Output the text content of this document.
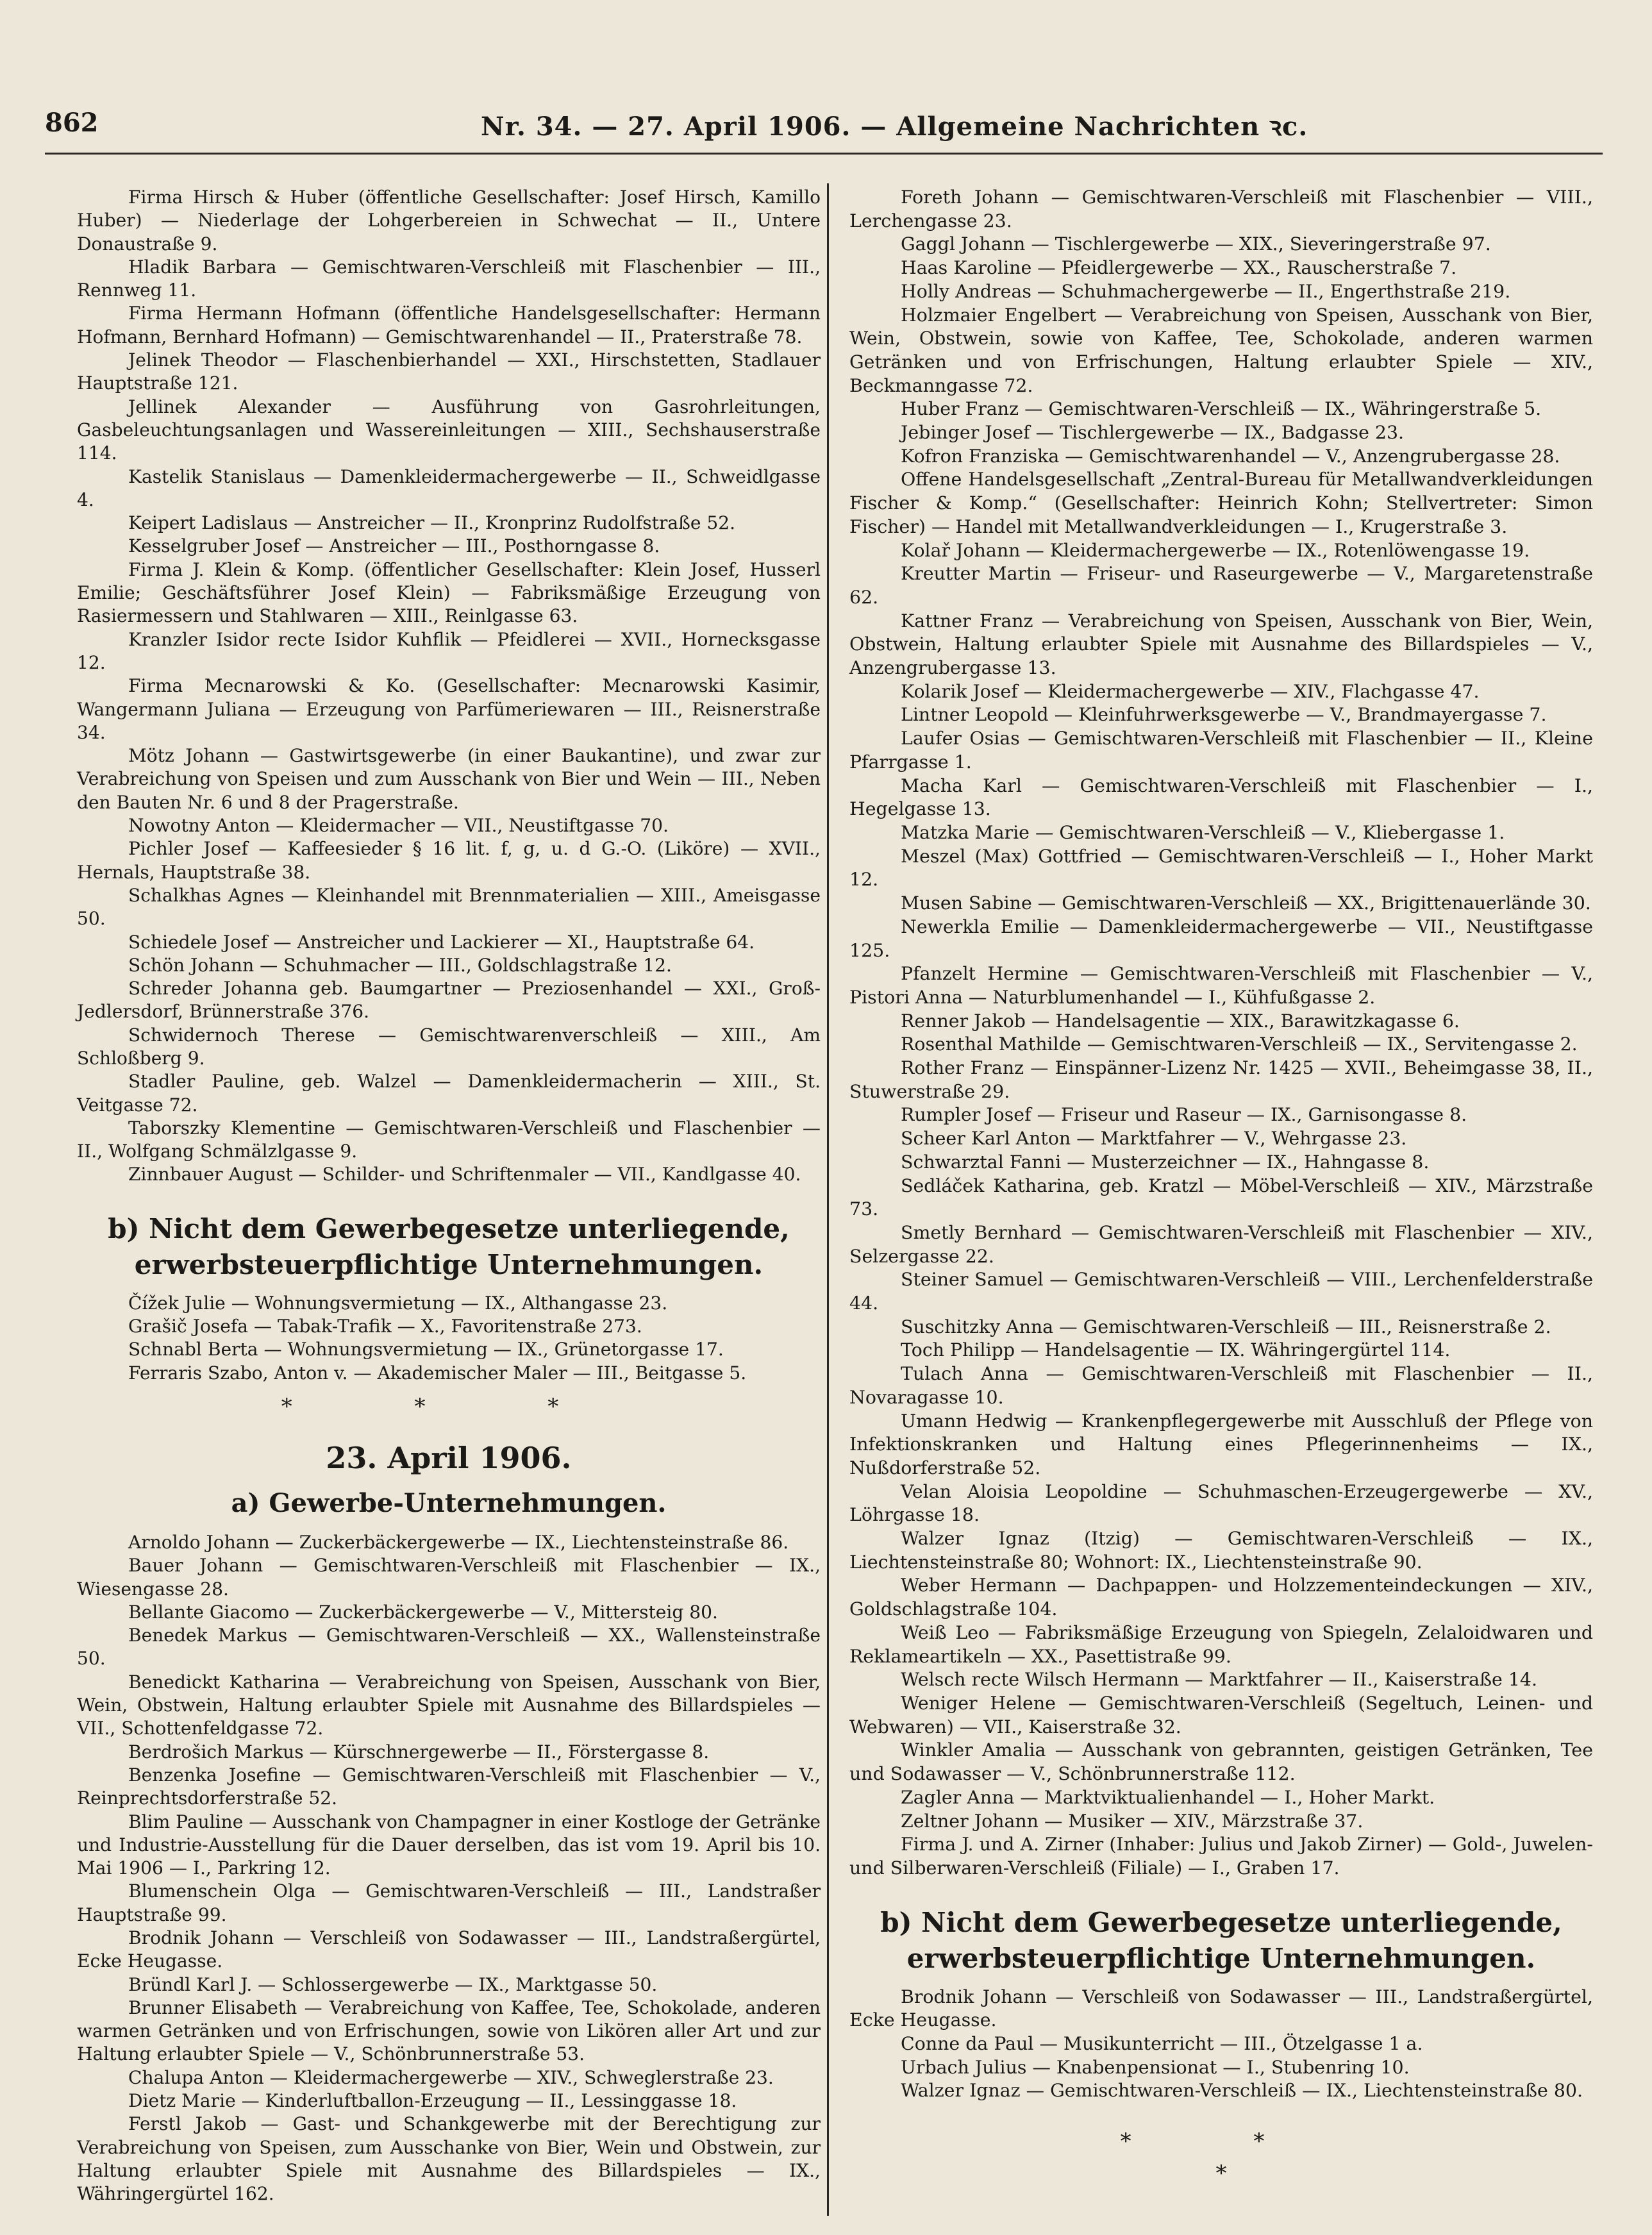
862	Nr. 34. — 27. April 1906. — Allgemeine Nachrichten ꝛc.

Firma Hirsch & Huber (öffentliche Gesellschafter: Josef Hirsch, Kamillo Huber) — Niederlage der Lohgerbereien in Schwechat — II., Untere Donaustraße 9.

Hladik Barbara — Gemischtwaren-Verschleiß mit Flaschenbier — III., Rennweg 11.

Firma Hermann Hofmann (öffentliche Handelsgesellschafter: Hermann Hofmann, Bernhard Hofmann) — Gemischtwarenhandel — II., Praterstraße 78.

Jelinek Theodor — Flaschenbierhandel — XXI., Hirschstetten, Stadlauer Hauptstraße 121.

Jellinek Alexander — Ausführung von Gasrohrleitungen, Gasbeleuchtungsanlagen und Wassereinleitungen — XIII., Sechshauserstraße 114.

Kastelik Stanislaus — Damenkleidermachergewerbe — II., Schweidlgasse 4.

Keipert Ladislaus — Anstreicher — II., Kronprinz Rudolfstraße 52.

Kesselgruber Josef — Anstreicher — III., Posthorngasse 8.

Firma J. Klein & Komp. (öffentlicher Gesellschafter: Klein Josef, Husserl Emilie; Geschäftsführer Josef Klein) — Fabriksmäßige Erzeugung von Rasiermessern und Stahlwaren — XIII., Reinlgasse 63.

Kranzler Isidor recte Isidor Kuhflik — Pfeidlerei — XVII., Hornecksgasse 12.

Firma Mecnarowski & Ko. (Gesellschafter: Mecnarowski Kasimir, Wangermann Juliana — Erzeugung von Parfümeriewaren — III., Reisnerstraße 34.

Mötz Johann — Gastwirtsgewerbe (in einer Baukantine), und zwar zur Verabreichung von Speisen und zum Ausschank von Bier und Wein — III., Neben den Bauten Nr. 6 und 8 der Pragerstraße.

Nowotny Anton — Kleidermacher — VII., Neustiftgasse 70.

Pichler Josef — Kaffeesieder § 16 lit. f, g, u. d G.-O. (Liköre) — XVII., Hernals, Hauptstraße 38.

Schalkhas Agnes — Kleinhandel mit Brennmaterialien — XIII., Ameisgasse 50.

Schiedele Josef — Anstreicher und Lackierer — XI., Hauptstraße 64.

Schön Johann — Schuhmacher — III., Goldschlagstraße 12.

Schreder Johanna geb. Baumgartner — Preziosenhandel — XXI., Groß-Jedlersdorf, Brünnerstraße 376.

Schwidernoch Therese — Gemischtwarenverschleiß — XIII., Am Schloßberg 9.

Stadler Pauline, geb. Walzel — Damenkleidermacherin — XIII., St. Veitgasse 72.

Taborszky Klementine — Gemischtwaren-Verschleiß und Flaschenbier — II., Wolfgang Schmälzlgasse 9.

Zinnbauer August — Schilder- und Schriftenmaler — VII., Kandlgasse 40.

b) Nicht dem Gewerbegesetze unterliegende, erwerbsteuerpflichtige Unternehmungen.

Čížek Julie — Wohnungsvermietung — IX., Althangasse 23.

Grašič Josefa — Tabak-Trafik — X., Favoritenstraße 273.

Schnabl Berta — Wohnungsvermietung — IX., Grünetorgasse 17.

Ferraris Szabo, Anton v. — Akademischer Maler — III., Beitgasse 5.

* * *
23. April 1906.
a) Gewerbe-Unternehmungen.

Arnoldo Johann — Zuckerbäckergewerbe — IX., Liechtensteinstraße 86.

Bauer Johann — Gemischtwaren-Verschleiß mit Flaschenbier — IX., Wiesengasse 28.

Bellante Giacomo — Zuckerbäckergewerbe — V., Mittersteig 80.

Benedek Markus — Gemischtwaren-Verschleiß — XX., Wallensteinstraße 50.

Benedickt Katharina — Verabreichung von Speisen, Ausschank von Bier, Wein, Obstwein, Haltung erlaubter Spiele mit Ausnahme des Billardspieles — VII., Schottenfeldgasse 72.

Berdrošich Markus — Kürschnergewerbe — II., Förstergasse 8.

Benzenka Josefine — Gemischtwaren-Verschleiß mit Flaschenbier — V., Reinprechtsdorferstraße 52.

Blim Pauline — Ausschank von Champagner in einer Kostloge der Getränke und Industrie-Ausstellung für die Dauer derselben, das ist vom 19. April bis 10. Mai 1906 — I., Parkring 12.

Blumenschein Olga — Gemischtwaren-Verschleiß — III., Landstraßer Hauptstraße 99.

Brodnik Johann — Verschleiß von Sodawasser — III., Landstraßergürtel, Ecke Heugasse.

Bründl Karl J. — Schlossergewerbe — IX., Marktgasse 50.

Brunner Elisabeth — Verabreichung von Kaffee, Tee, Schokolade, anderen warmen Getränken und von Erfrischungen, sowie von Likören aller Art und zur Haltung erlaubter Spiele — V., Schönbrunnerstraße 53.

Chalupa Anton — Kleidermachergewerbe — XIV., Schweglerstraße 23.

Dietz Marie — Kinderluftballon-Erzeugung — II., Lessinggasse 18.

Ferstl Jakob — Gast- und Schankgewerbe mit der Berechtigung zur Verabreichung von Speisen, zum Ausschanke von Bier, Wein und Obstwein, zur Haltung erlaubter Spiele mit Ausnahme des Billardspieles — IX., Währingergürtel 162.

Foreth Johann — Gemischtwaren-Verschleiß mit Flaschenbier — VIII., Lerchengasse 23.

Gaggl Johann — Tischlergewerbe — XIX., Sieveringerstraße 97.

Haas Karoline — Pfeidlergewerbe — XX., Rauscherstraße 7.

Holly Andreas — Schuhmachergewerbe — II., Engerthstraße 219.

Holzmaier Engelbert — Verabreichung von Speisen, Ausschank von Bier, Wein, Obstwein, sowie von Kaffee, Tee, Schokolade, anderen warmen Getränken und von Erfrischungen, Haltung erlaubter Spiele — XIV., Beckmanngasse 72.

Huber Franz — Gemischtwaren-Verschleiß — IX., Währingerstraße 5.

Jebinger Josef — Tischlergewerbe — IX., Badgasse 23.

Kofron Franziska — Gemischtwarenhandel — V., Anzengrubergasse 28.

Offene Handelsgesellschaft „Zentral-Bureau für Metallwandverkleidungen Fischer & Komp.“ (Gesellschafter: Heinrich Kohn; Stellvertreter: Simon Fischer) — Handel mit Metallwandverkleidungen — I., Krugerstraße 3.

Kolař Johann — Kleidermachergewerbe — IX., Rotenlöwengasse 19.

Kreutter Martin — Friseur- und Raseurgewerbe — V., Margaretenstraße 62.

Kattner Franz — Verabreichung von Speisen, Ausschank von Bier, Wein, Obstwein, Haltung erlaubter Spiele mit Ausnahme des Billardspieles — V., Anzengrubergasse 13.

Kolarik Josef — Kleidermachergewerbe — XIV., Flachgasse 47.

Lintner Leopold — Kleinfuhrwerksgewerbe — V., Brandmayergasse 7.

Laufer Osias — Gemischtwaren-Verschleiß mit Flaschenbier — II., Kleine Pfarrgasse 1.

Macha Karl — Gemischtwaren-Verschleiß mit Flaschenbier — I., Hegelgasse 13.

Matzka Marie — Gemischtwaren-Verschleiß — V., Kliebergasse 1.

Meszel (Max) Gottfried — Gemischtwaren-Verschleiß — I., Hoher Markt 12.

Musen Sabine — Gemischtwaren-Verschleiß — XX., Brigittenauerlände 30.

Newerkla Emilie — Damenkleidermachergewerbe — VII., Neustiftgasse 125.

Pfanzelt Hermine — Gemischtwaren-Verschleiß mit Flaschenbier — V., Pistori Anna — Naturblumenhandel — I., Kühfußgasse 2.

Renner Jakob — Handelsagentie — XIX., Barawitzkagasse 6.

Rosenthal Mathilde — Gemischtwaren-Verschleiß — IX., Servitengasse 2.

Rother Franz — Einspänner-Lizenz Nr. 1425 — XVII., Beheimgasse 38, II., Stuwerstraße 29.

Rumpler Josef — Friseur und Raseur — IX., Garnisongasse 8.

Scheer Karl Anton — Marktfahrer — V., Wehrgasse 23.

Schwarztal Fanni — Musterzeichner — IX., Hahngasse 8.

Sedláček Katharina, geb. Kratzl — Möbel-Verschleiß — XIV., Märzstraße 73.

Smetly Bernhard — Gemischtwaren-Verschleiß mit Flaschenbier — XIV., Selzergasse 22.

Steiner Samuel — Gemischtwaren-Verschleiß — VIII., Lerchenfelderstraße 44.

Suschitzky Anna — Gemischtwaren-Verschleiß — III., Reisnerstraße 2.

Toch Philipp — Handelsagentie — IX. Währingergürtel 114.

Tulach Anna — Gemischtwaren-Verschleiß mit Flaschenbier — II., Novaragasse 10.

Umann Hedwig — Krankenpflegergewerbe mit Ausschluß der Pflege von Infektionskranken und Haltung eines Pflegerinnenheims — IX., Nußdorferstraße 52.

Velan Aloisia Leopoldine — Schuhmaschen-Erzeugergewerbe — XV., Löhrgasse 18.

Walzer Ignaz (Itzig) — Gemischtwaren-Verschleiß — IX., Liechtensteinstraße 80; Wohnort: IX., Liechtensteinstraße 90.

Weber Hermann — Dachpappen- und Holzzementeindeckungen — XIV., Goldschlagstraße 104.

Weiß Leo — Fabriksmäßige Erzeugung von Spiegeln, Zelaloidwaren und Reklameartikeln — XX., Pasettistraße 99.

Welsch recte Wilsch Hermann — Marktfahrer — II., Kaiserstraße 14.

Weniger Helene — Gemischtwaren-Verschleiß (Segeltuch, Leinen- und Webwaren) — VII., Kaiserstraße 32.

Winkler Amalia — Ausschank von gebrannten, geistigen Getränken, Tee und Sodawasser — V., Schönbrunnerstraße 112.

Zagler Anna — Marktviktualienhandel — I., Hoher Markt.

Zeltner Johann — Musiker — XIV., Märzstraße 37.

Firma J. und A. Zirner (Inhaber: Julius und Jakob Zirner) — Gold-, Juwelen- und Silberwaren-Verschleiß (Filiale) — I., Graben 17.

b) Nicht dem Gewerbegesetze unterliegende, erwerbsteuerpflichtige Unternehmungen.

Brodnik Johann — Verschleiß von Sodawasser — III., Landstraßergürtel, Ecke Heugasse.

Conne da Paul — Musikunterricht — III., Ötzelgasse 1 a.

Urbach Julius — Knabenpensionat — I., Stubenring 10.

Walzer Ignaz — Gemischtwaren-Verschleiß — IX., Liechtensteinstraße 80.

* *
*
